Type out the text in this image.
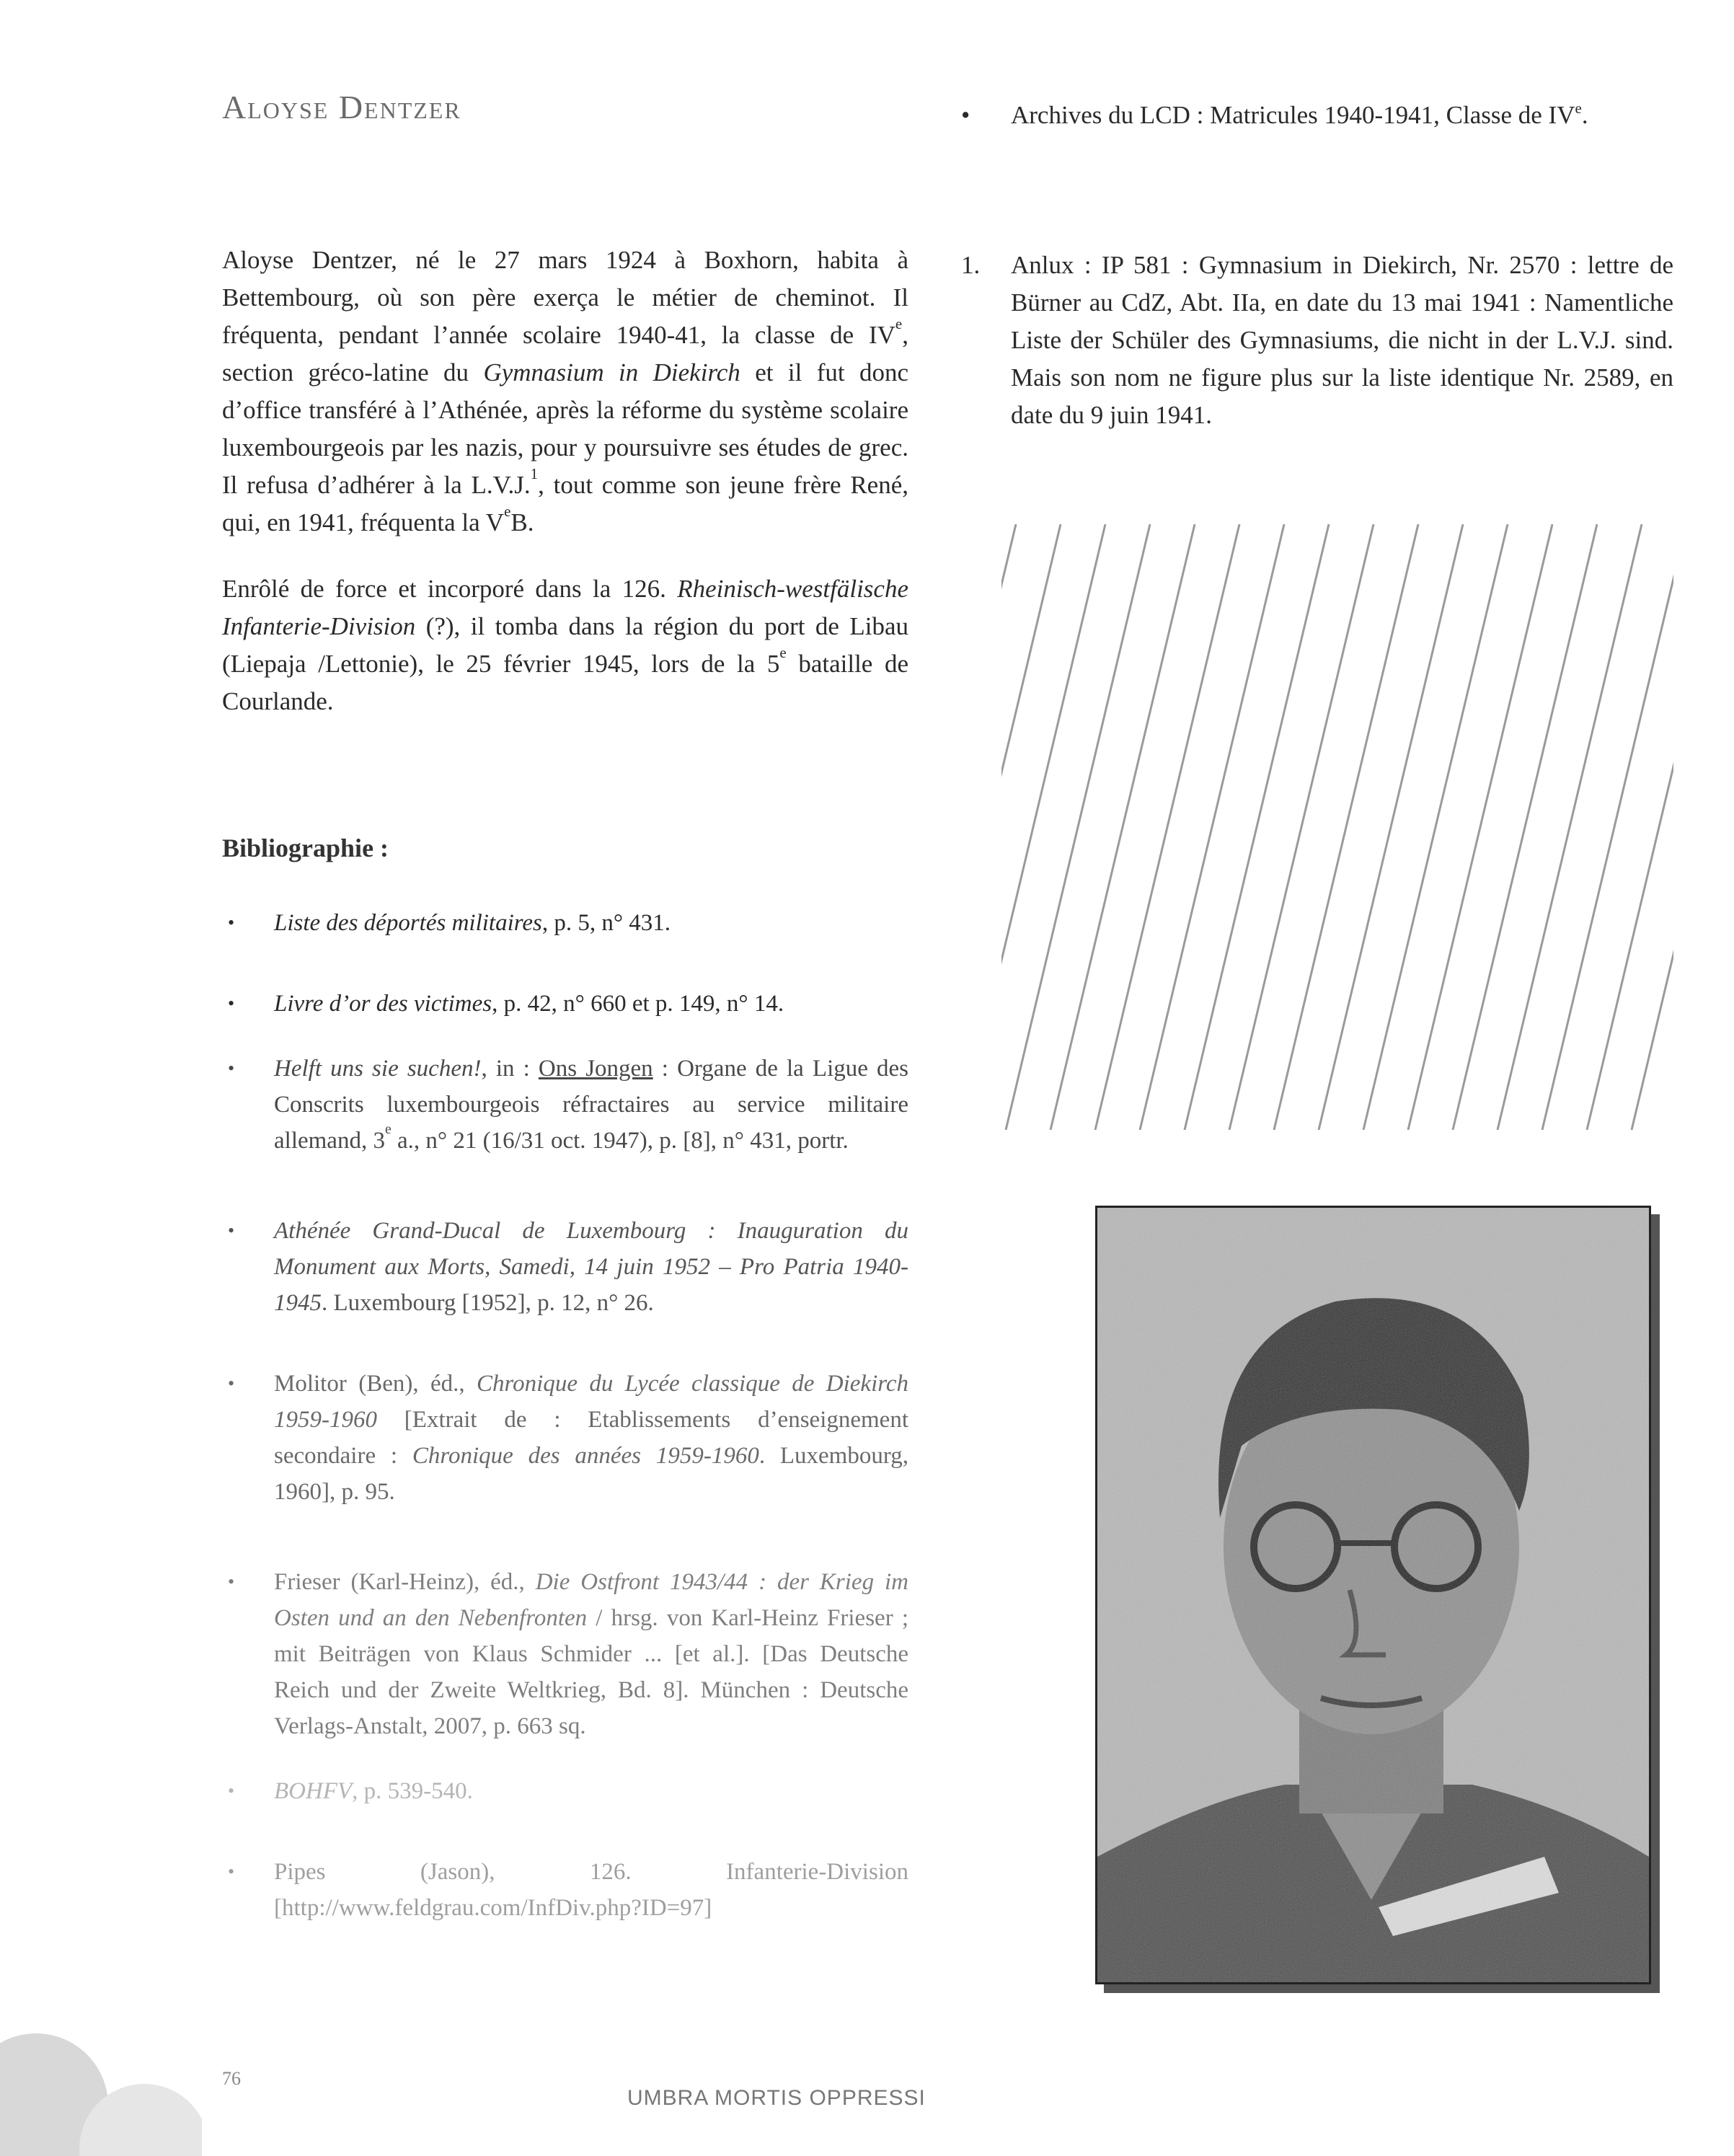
Aloyse Dentzer	• Archives du LCD : Matricules 1940-1941, Classe de IVe.

Aloyse Dentzer, né le 27 mars 1924 à Boxhorn, habita à Bettembourg, où son père exerça le métier de cheminot. Il fréquenta, pendant l’année scolaire 1940-41, la classe de IVe, section gréco-latine du Gymnasium in Diekirch et il fut donc d’office transféré à l’Athénée, après la réforme du système scolaire luxembourgeois par les nazis, pour y poursuivre ses études de grec. Il refusa d’adhérer à la L.V.J.$^1$, tout comme son jeune frère René, qui, en 1941, fréquenta la VeB.

Enrôlé de force et incorporé dans la 126. Rheinisch-westfälische Infanterie-Division (?), il tomba dans la région du port de Libau (Liepaja /Lettonie), le 25 février 1945, lors de la 5e bataille de Courlande.

1. Anlux : IP 581 : Gymnasium in Diekirch, Nr. 2570 : lettre de Bürner au CdZ, Abt. IIa, en date du 13 mai 1941 : Namentliche Liste der Schüler des Gymnasiums, die nicht in der L.V.J. sind. Mais son nom ne figure plus sur la liste identique Nr. 2589, en date du 9 juin 1941.
Bibliographie :
• Liste des déportés militaires, p. 5, n° 431.
• Livre d’or des victimes, p. 42, n° 660 et p. 149, n° 14.
• Helft uns sie suchen!, in : Ons Jongen : Organe de la Ligue des Conscrits luxembourgeois réfractaires au service militaire allemand, 3e a., n° 21 (16/31 oct. 1947), p. [8], n° 431, portr.
• Athénée Grand-Ducal de Luxembourg : Inauguration du Monument aux Morts, Samedi, 14 juin 1952 – Pro Patria 1940-1945. Luxembourg [1952], p. 12, n° 26.
• Molitor (Ben), éd., Chronique du Lycée classique de Diekirch 1959-1960 [Extrait de : Etablissements d’enseignement secondaire : Chronique des années 1959-1960. Luxembourg, 1960], p. 95.
• Frieser (Karl-Heinz), éd., Die Ostfront 1943/44 : der Krieg im Osten und an den Nebenfronten / hrsg. von Karl-Heinz Frieser ; mit Beiträgen von Klaus Schmider ... [et al.]. [Das Deutsche Reich und der Zweite Weltkrieg, Bd. 8]. München : Deutsche Verlags-Anstalt, 2007, p. 663 sq.
• BOHFV, p. 539-540.
• Pipes (Jason), 126. Infanterie-Division [http://www.feldgrau.com/InfDiv.php?ID=97]
76
UMBRA MORTIS OPPRESSI
